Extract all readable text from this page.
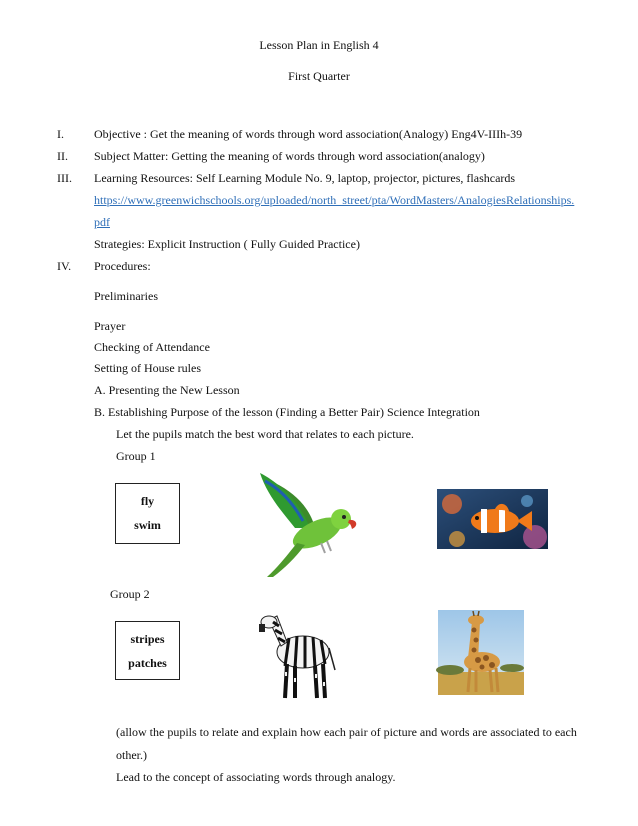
Lesson Plan in English 4
First Quarter
I.	Objective : Get the meaning of words through word association(Analogy) Eng4V-IIIh-39
II. Subject Matter: Getting the meaning of words through word association(analogy)
III. Learning Resources: Self Learning Module No. 9, laptop, projector, pictures, flashcards
https://www.greenwichschools.org/uploaded/north_street/pta/WordMasters/AnalogiesRelationships.
pdf
Strategies: Explicit Instruction ( Fully Guided Practice)
IV. Procedures:
Preliminaries
Prayer
Checking of Attendance
Setting of House rules
A. Presenting the New Lesson
B. Establishing Purpose of the lesson (Finding a Better Pair) Science Integration
Let the pupils match the best word that relates to each picture.
Group 1
fly
swim
Group 2
stripes
patches
(allow the pupils to relate and explain how each pair of picture and words are associated to each
other.)
Lead to the concept of associating words through analogy.
